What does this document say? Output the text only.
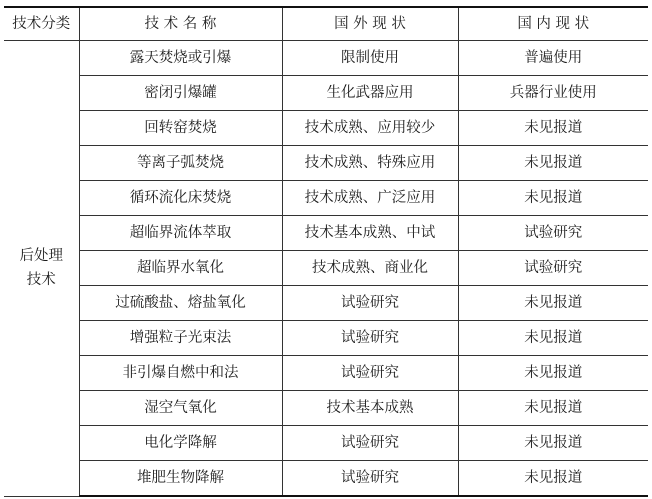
技术分类	技 术 名 称	国 外 现 状	国 内 现 状

后处理
技术	露天焚烧或引爆	限制使用	普遍使用
	密闭引爆罐	生化武器应用	兵器行业使用
	回转窑焚烧	技术成熟、应用较少	未见报道
	等离子弧焚烧	技术成熟、特殊应用	未见报道
	循环流化床焚烧	技术成熟、广泛应用	未见报道
	超临界流体萃取	技术基本成熟、中试	试验研究
	超临界水氧化	技术成熟、商业化	试验研究
	过硫酸盐、熔盐氧化	试验研究	未见报道
	增强粒子光束法	试验研究	未见报道
	非引爆自燃中和法	试验研究	未见报道
	湿空气氧化	技术基本成熟	未见报道
	电化学降解	试验研究	未见报道
	堆肥生物降解	试验研究	未见报道
